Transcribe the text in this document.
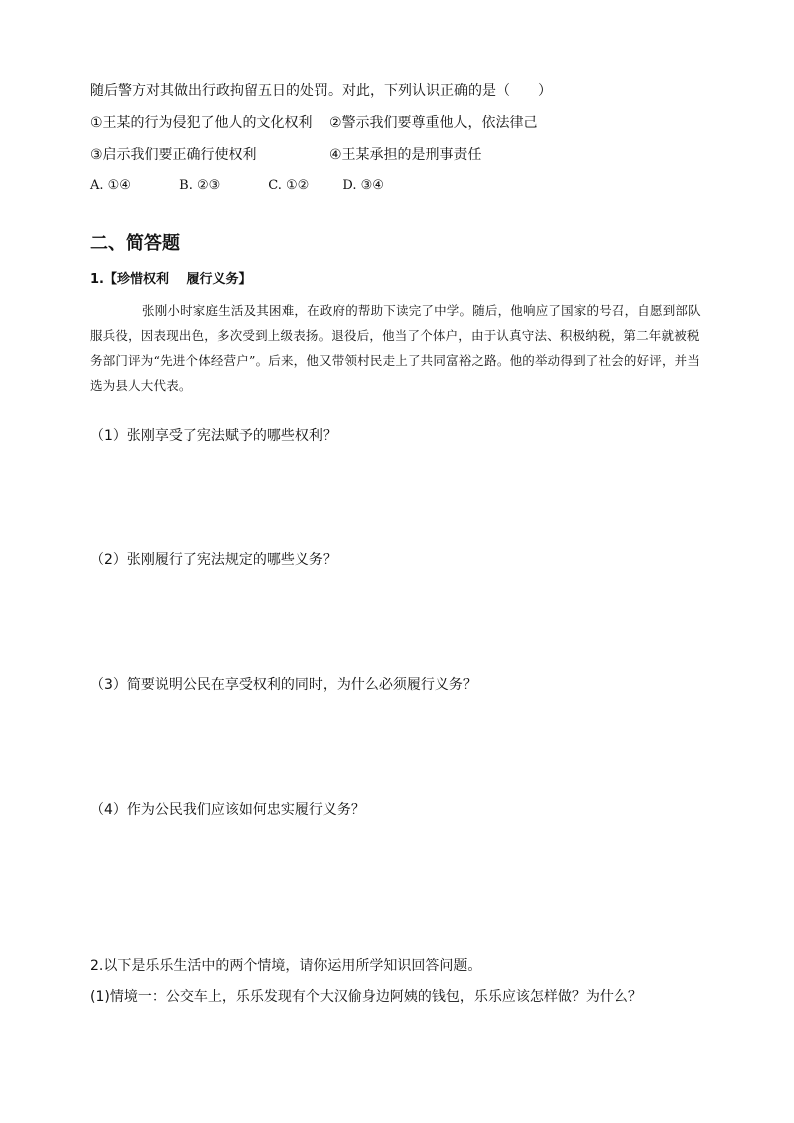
随后警方对其做出行政拘留五日的处罚。对此，下列认识正确的是（　　）
①王某的行为侵犯了他人的文化权利 ②警示我们要尊重他人，依法律己
③启示我们要正确行使权利	④王某承担的是刑事责任
A. ①④	B. ②③	C. ①②	D. ③④
二、简答题
1.【珍惜权利　 履行义务】
张刚小时家庭生活及其困难，在政府的帮助下读完了中学。随后，他响应了国家的号召，自愿到部队服兵役，因表现出色，多次受到上级表扬。退役后，他当了个体户，由于认真守法、积极纳税，第二年就被税务部门评为“先进个体经营户”。后来，他又带领村民走上了共同富裕之路。他的举动得到了社会的好评，并当选为县人大代表。
（1）张刚享受了宪法赋予的哪些权利？
（2）张刚履行了宪法规定的哪些义务？
（3）简要说明公民在享受权利的同时，为什么必须履行义务？
（4）作为公民我们应该如何忠实履行义务？
2.以下是乐乐生活中的两个情境，请你运用所学知识回答问题。
(1)情境一：公交车上，乐乐发现有个大汉偷身边阿姨的钱包，乐乐应该怎样做？为什么？
